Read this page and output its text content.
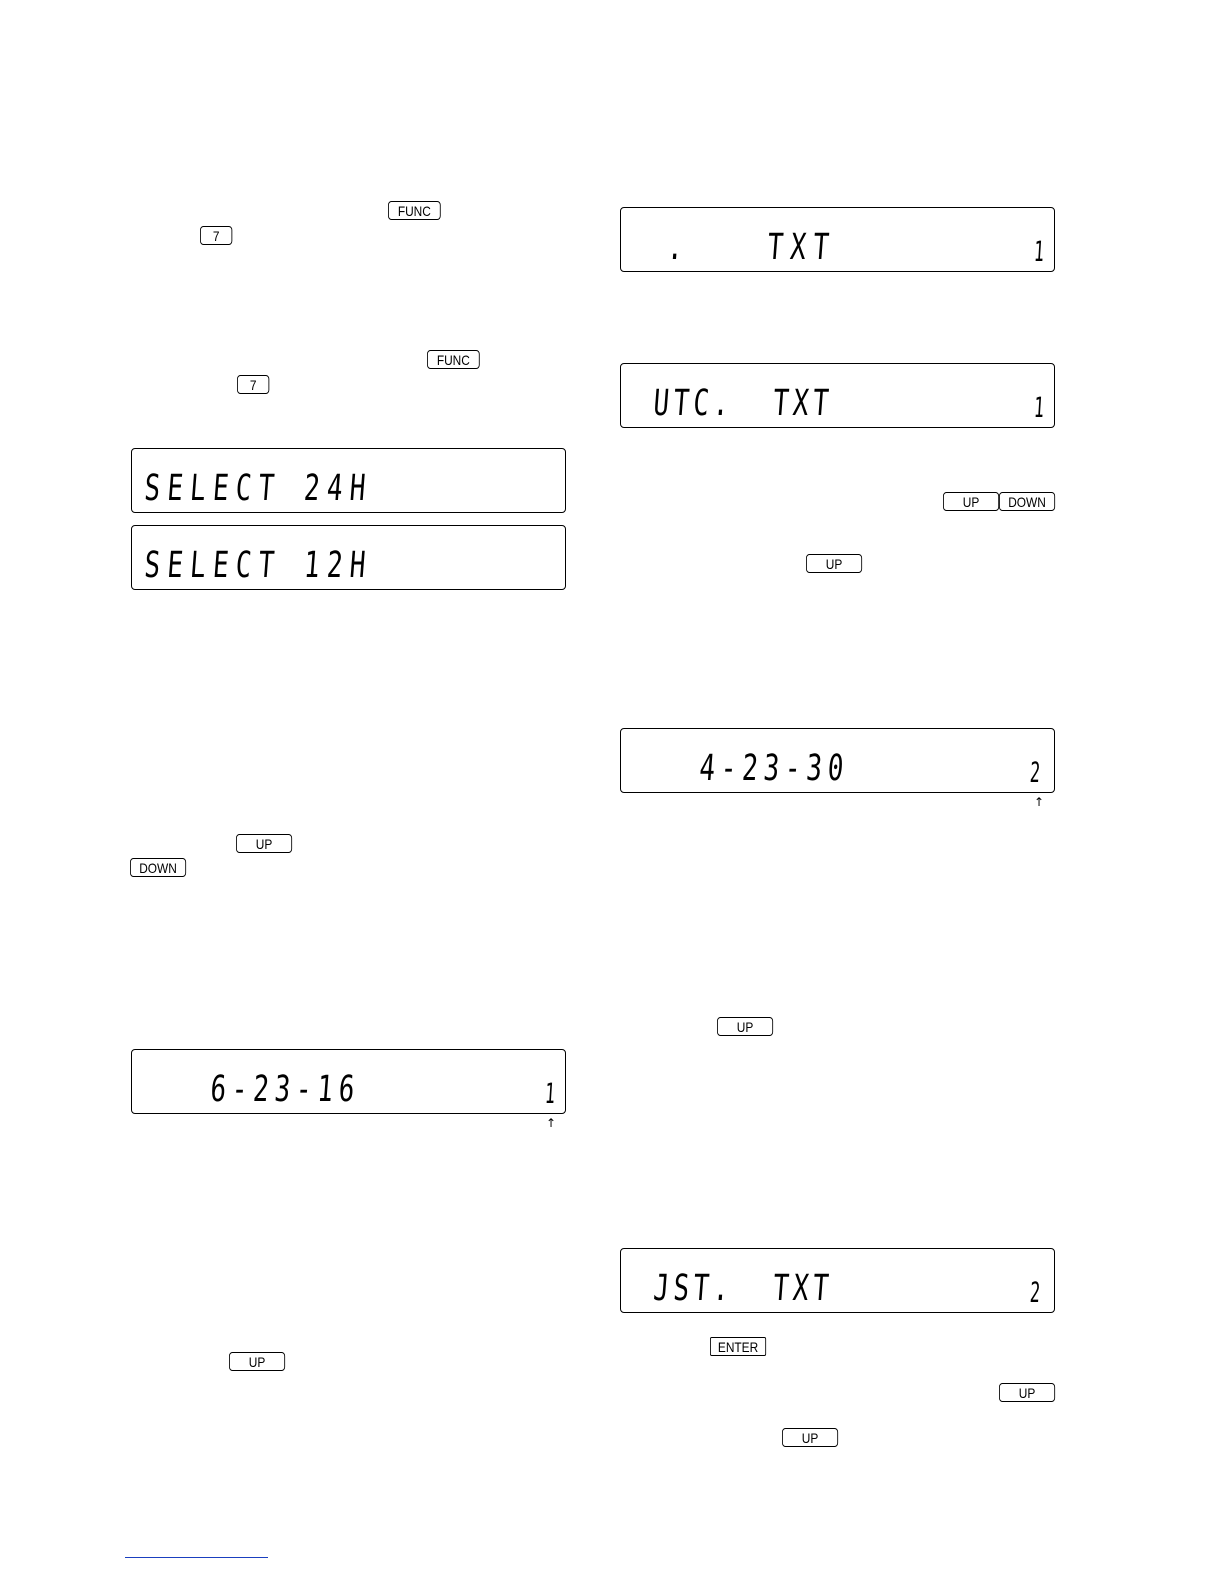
FUNC
7
FUNC
7
SELECT 24H
SELECT 12H
UP
DOWN
6-23-16	1
↑
UP
. TXT	1
UTC.  TXT	1
UP	DOWN
UP
4-23-30	2
↑
UP
JST.  TXT	2
ENTER
UP
UP
